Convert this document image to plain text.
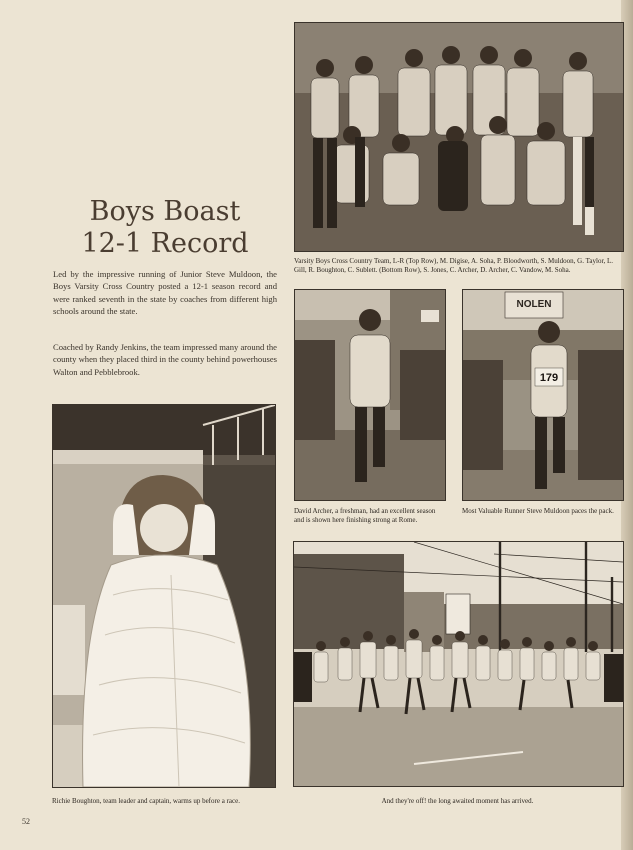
Varsity Boys Cross Country Team, L-R (Top Row), M. Digise, A. Soha, P. Bloodworth, S. Muldoon, G. Taylor, L. Gill, R. Boughton, C. Sublett. (Bottom Row), S. Jones, C. Archer, D. Archer, C. Vandow, M. Soha.

Boys Boast
12-1 Record

Led by the impressive running of Junior Steve Muldoon, the Boys Varsity Cross Country posted a 12-1 season record and were ranked seventh in the state by coaches from different high schools around the state.

Coached by Randy Jenkins, the team impressed many around the county when they placed third in the county behind powerhouses Walton and Pebblebrook.

David Archer, a freshman, had an excellent season and is shown here finishing strong at Rome.

NOLEN
179

Most Valuable Runner Steve Muldoon paces the pack.

Richie Boughton, team leader and captain, warms up before a race.	And they're off! the long awaited moment has arrived.

52
